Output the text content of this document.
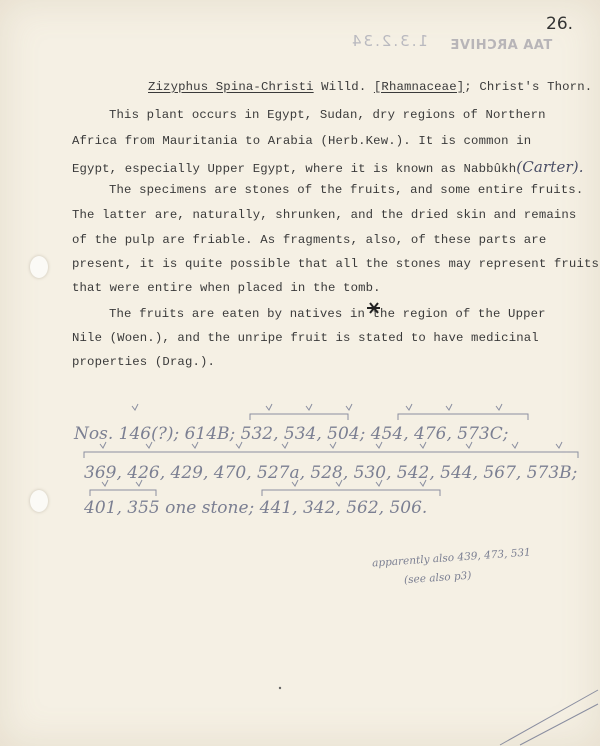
26.
TAA ARCHIVE
1.3.2.34
Zizyphus Spina-Christi Willd. [Rhamnaceae]; Christ's Thorn.
This plant occurs in Egypt, Sudan, dry regions of Northern
Africa from Mauritania to Arabia (Herb.Kew.). It is common in
Egypt, especially Upper Egypt, where it is known as Nabbûkh(Carter).
The specimens are stones of the fruits, and some entire fruits.
The latter are, naturally, shrunken, and the dried skin and remains
of the pulp are friable. As fragments, also, of these parts are
present, it is quite possible that all the stones may represent fruits
that were entire when placed in the tomb.
The fruits are eaten by natives in the region of the Upper
Nile (Woen.), and the unripe fruit is stated to have medicinal
properties (Drag.).
Nos. 146(?); 614B; 532, 534, 504; 454, 476, 573C;
369, 426, 429, 470, 527a, 528, 530, 542, 544, 567, 573B;
401, 355 one stone; 441, 342, 562, 506.
apparently also 439, 473, 531
(see also p3)
